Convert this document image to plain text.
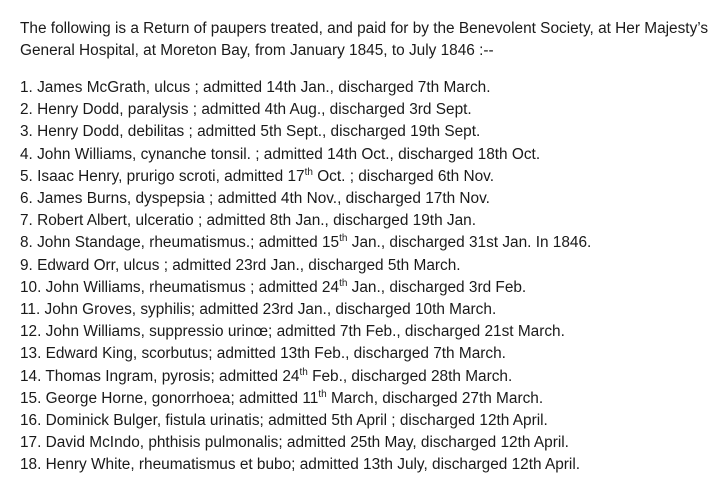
The following is a Return of paupers treated, and paid for by the Benevolent Society, at Her Majesty’s General Hospital, at Moreton Bay, from January 1845, to July 1846 :--

1. James McGrath, ulcus ; admitted 14th Jan., discharged 7th March.
2. Henry Dodd, paralysis ; admitted 4th Aug., discharged 3rd Sept.
3. Henry Dodd, debilitas ; admitted 5th Sept., discharged 19th Sept.
4. John Williams, cynanche tonsil. ; admitted 14th Oct., discharged 18th Oct.
5. Isaac Henry, prurigo scroti, admitted 17th Oct. ; discharged 6th Nov.
6. James Burns, dyspepsia ; admitted 4th Nov., discharged 17th Nov.
7. Robert Albert, ulceratio ; admitted 8th Jan., discharged 19th Jan.
8. John Standage, rheumatismus.; admitted 15th Jan., discharged 31st Jan. In 1846.
9. Edward Orr, ulcus ; admitted 23rd Jan., discharged 5th March.
10. John Williams, rheumatismus ; admitted 24th Jan., discharged 3rd Feb.
11. John Groves, syphilis; admitted 23rd Jan., discharged 10th March.
12. John Williams, suppressio urinœ; admitted 7th Feb., discharged 21st March.
13. Edward King, scorbutus; admitted 13th Feb., discharged 7th March.
14. Thomas Ingram, pyrosis; admitted 24th Feb., discharged 28th March.
15. George Horne, gonorrhoea; admitted 11th March, discharged 27th March.
16. Dominick Bulger, fistula urinatis; admitted 5th April ; discharged 12th April.
17. David McIndo, phthisis pulmonalis; admitted 25th May, discharged 12th April.
18. Henry White, rheumatismus et bubo; admitted 13th July, discharged 12th April.
